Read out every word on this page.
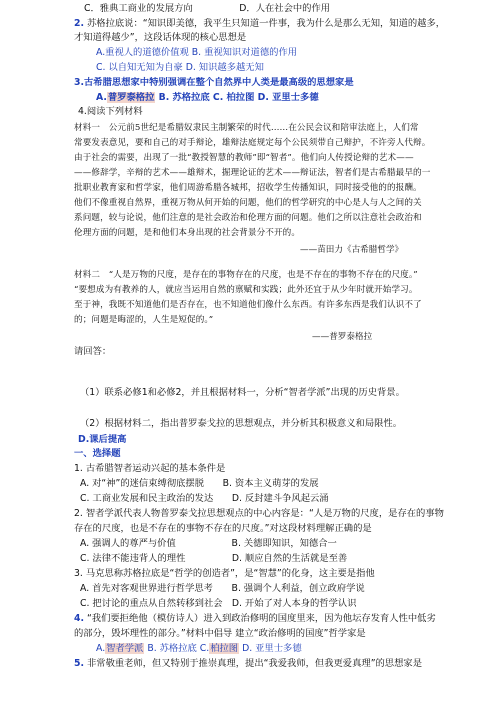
C．雅典工商业的发展方向　　　　　D．人在社会中的作用
2. 苏格拉底说：“知识即美德，我平生只知道一件事，我为什么是那么无知，知道的越多，
才知道得越少”，这段话体现的核心思想是
A.重视人的道德价值观 B. 重视知识对道德的作用
C. 以自知无知为自豪 D. 知识越多越无知
3.古希腊思想家中特别强调在整个自然界中人类是最高级的思想家是
A.普罗泰格拉 B. 苏格拉底 C. 柏拉图 D. 亚里士多德
4.阅读下列材料
材料一　公元前5世纪是希腊奴隶民主制繁荣的时代……在公民会议和陪审法庭上，人们常
常要发表意见，要和自己的对手辩论，雄辩法庭规定每个公民须带自己辩护，不许旁人代辩。
由于社会的需要，出现了一批“教授智慧的教师”即“智者”。他们向人传授论辩的艺术——
——修辞学，辛辩的艺术——雄辩术，掘理论证的艺术——辩证法，智者们是古希腊最早的一
批职业教育家和哲学家，他们周游希腊各城邦，招收学生传播知识，同时接受他的的报酬。
他们不像重视自然界，重视万物从何开始的问题，他们的哲学研究的中心是人与人之间的关
系问题，较与论说，他们注意的是社会政治和伦理方面的问题。他们之所以注意社会政治和
伦理方面的问题，是和他们本身出现的社会背景分不开的。
——苗田力《古希腊哲学》
材料二　“人是万物的尺度，是存在的事物存在的尺度，也是不存在的事物不存在的尺度。”
“要想成为有教养的人，就应当运用自然的禀赋和实践；此外还宜于从少年时就开始学习。
至于神，我既不知道他们是否存在，也不知道他们像什么东西。有许多东西是我们认识不了
的；问题是晦涩的，人生是短促的。”
——普罗泰格拉
请回答：
（1）联系必修1和必修2，并且根据材料一，分析“智者学派”出现的历史背景。
（2）根据材料二，指出普罗泰戈拉的思想观点，并分析其积极意义和局限性。
D.课后提高
一、选择题
1. 古希腊智者运动兴起的基本条件是
A. 对“神”的迷信束缚彻底摆脱　　B. 资本主义萌芽的发展
C. 工商业发展和民主政治的发达　　D. 反封建斗争风起云涌
2. 智者学派代表人物普罗泰戈拉思想观点的中心内容是：“人是万物的尺度，是存在的事物
存在的尺度，也是不存在的事物不存在的尺度。”对这段材料理解正确的是
A. 强调人的尊严与价值　　　　　　B. 关德即知识，知德合一
C. 法律不能违背人的理性　　　　　D. 顺应自然的生活就是至善
3. 马克思称苏格拉底是“哲学的创造者”，是“智慧”的化身，这主要是指他
A. 首先对客观世界进行哲学思考　　B. 强调个人利益，创立政府学说
C. 把讨论的重点从自然转移到社会　D. 开始了对人本身的哲学认识
4. “我们要拒绝他（模仿诗人）进入到政治修明的国度里来，因为他坛存发育人性中低劣
的部分，毁坏理性的部分。”材料中倡导 建立“政治修明的国度”哲学家是
A.智者学派 B. 苏格拉底 C.柏拉图 D. 亚里士多德
5. 非常敬重老师，但又特别于推崇真理，提出“我爱我师，但我更爱真理”的思想家是
